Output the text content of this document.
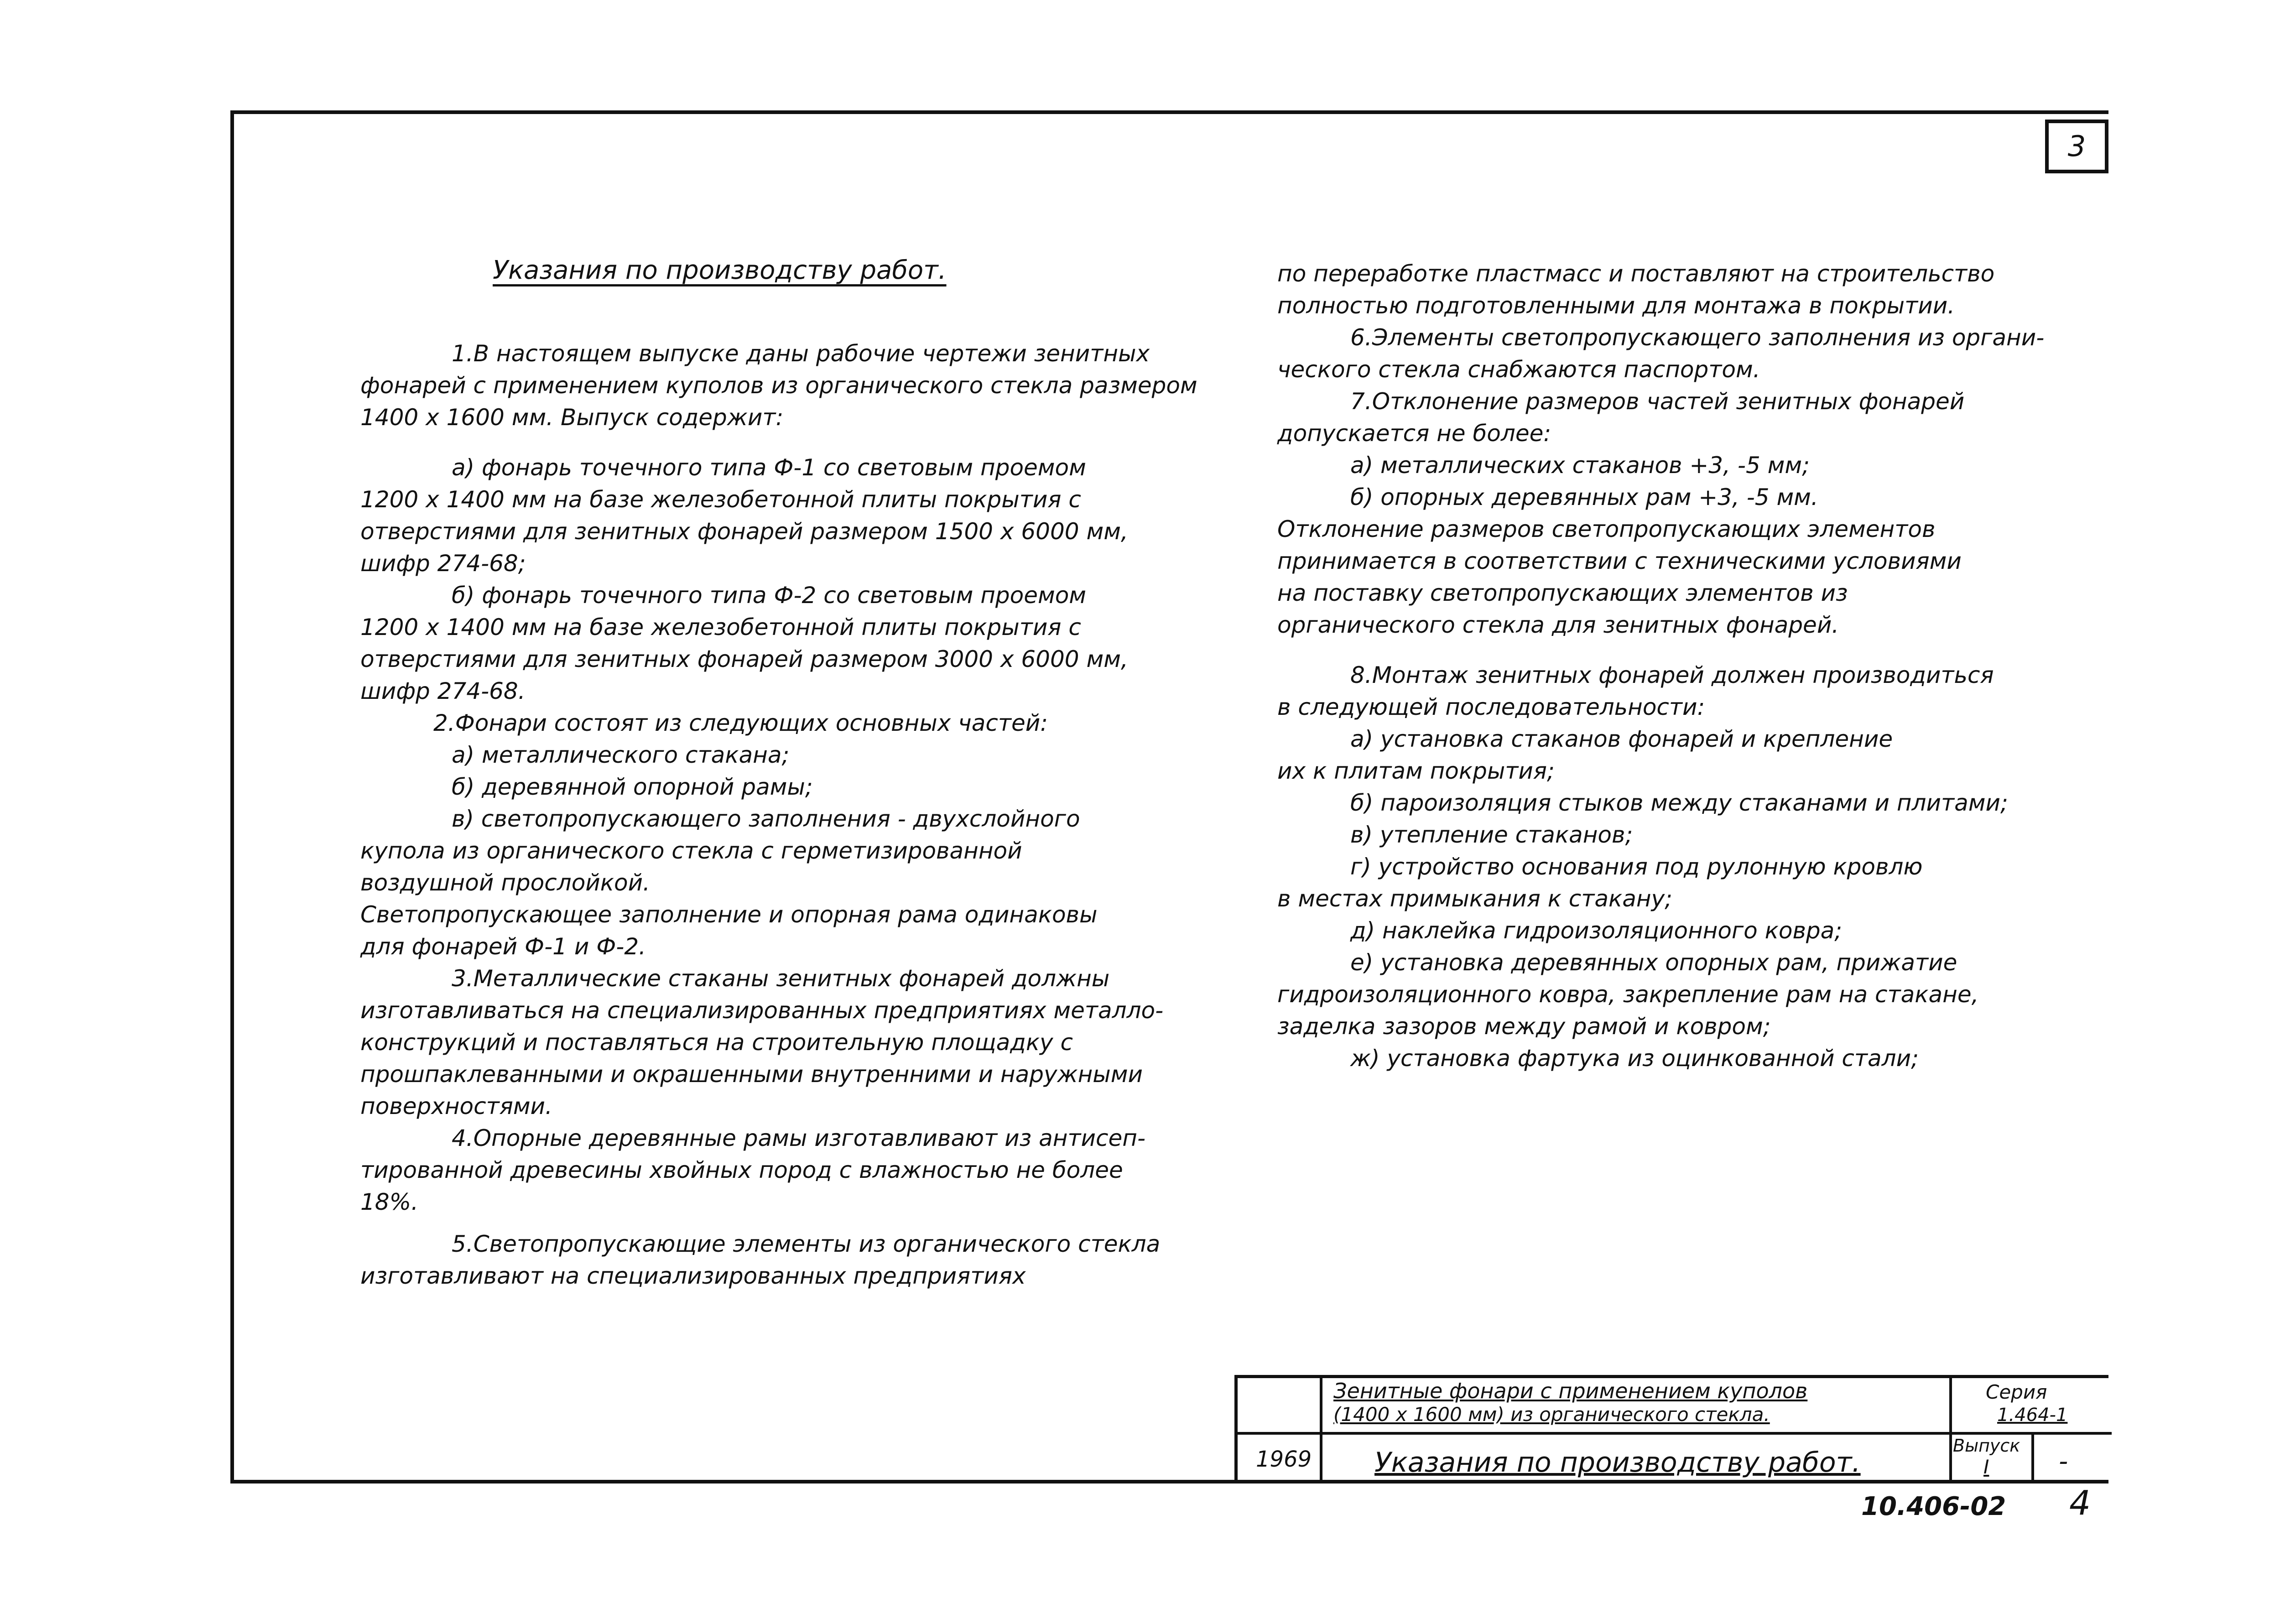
3
Указания по производству работ.

1.В настоящем выпуске даны рабочие чертежи зенитных

фонарей с применением куполов из органического стекла размером

1400 х 1600 мм. Выпуск содержит:

а) фонарь точечного типа Ф-1 со световым проемом

1200 х 1400 мм на базе железобетонной плиты покрытия с

отверстиями для зенитных фонарей размером 1500 х 6000 мм,

шифр 274-68;

б) фонарь точечного типа Ф-2 со световым проемом

1200 х 1400 мм на базе железобетонной плиты покрытия с

отверстиями для зенитных фонарей размером 3000 х 6000 мм,

шифр 274-68.

2.Фонари состоят из следующих основных частей:

а) металлического стакана;

б) деревянной опорной рамы;

в) светопропускающего заполнения - двухслойного

купола из органического стекла с герметизированной

воздушной прослойкой.

Светопропускающее заполнение и опорная рама одинаковы

для фонарей Ф-1 и Ф-2.

3.Металлические стаканы зенитных фонарей должны

изготавливаться на специализированных предприятиях металло-

конструкций и поставляться на строительную площадку с

прошпаклеванными и окрашенными внутренними и наружными

поверхностями.

4.Опорные деревянные рамы изготавливают из антисеп-

тированной древесины хвойных пород с влажностью не более

18%.

5.Светопропускающие элементы из органического стекла

изготавливают на специализированных предприятиях

по переработке пластмасс и поставляют на строительство

полностью подготовленными для монтажа в покрытии.

6.Элементы светопропускающего заполнения из органи-

ческого стекла снабжаются паспортом.

7.Отклонение размеров частей зенитных фонарей

допускается не более:

а) металлических стаканов +3, -5 мм;

б) опорных деревянных рам +3, -5 мм.

Отклонение размеров светопропускающих элементов

принимается в соответствии с техническими условиями

на поставку светопропускающих элементов из

органического стекла для зенитных фонарей.

8.Монтаж зенитных фонарей должен производиться

в следующей последовательности:

а) установка стаканов фонарей и крепление

их к плитам покрытия;

б) пароизоляция стыков между стаканами и плитами;

в) утепление стаканов;

г) устройство основания под рулонную кровлю

в местах примыкания к стакану;

д) наклейка гидроизоляционного ковра;

е) установка деревянных опорных рам, прижатие

гидроизоляционного ковра, закрепление рам на стакане,

заделка зазоров между рамой и ковром;

ж) установка фартука из оцинкованной стали;

Зенитные фонари с применением куполов
(1400 х 1600 мм) из органического стекла.
Серия
1.464-1
1969 Указания по производству работ.
Выпуск
I	-
10.406-02 4
